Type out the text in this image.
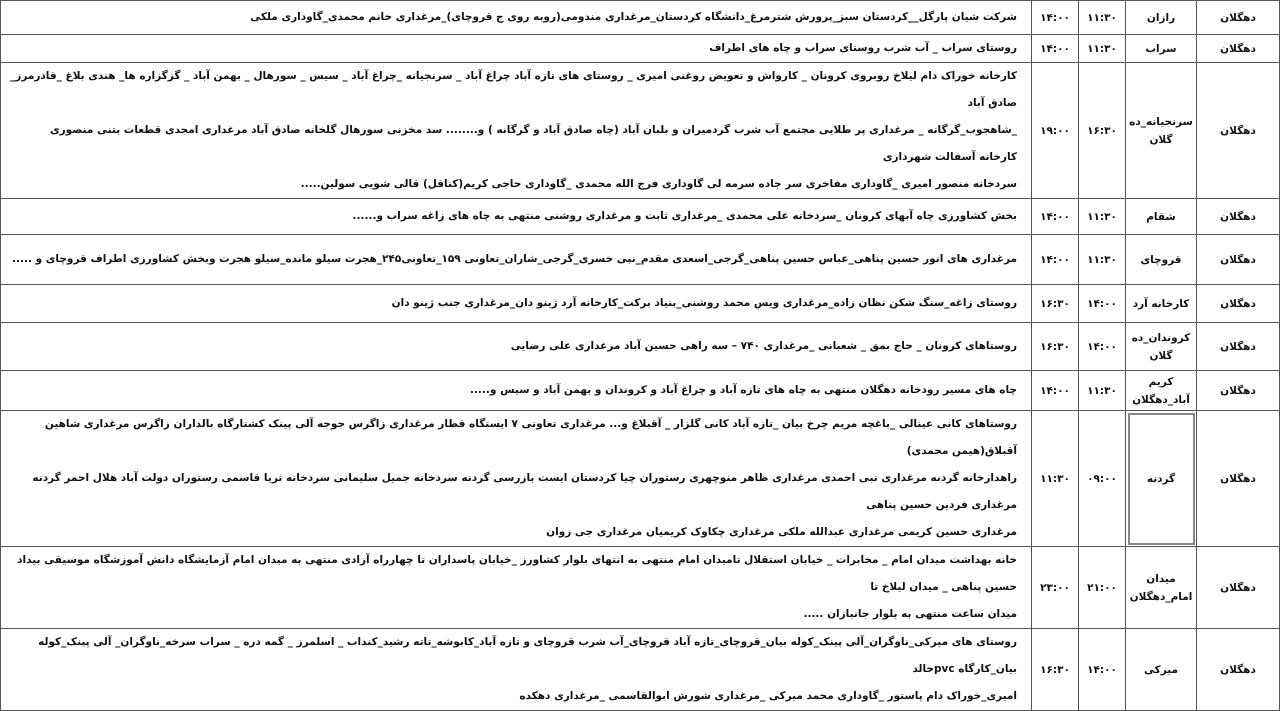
دهگلان	رازان	۱۱:۳۰	۱۴:۰۰	شرکت شیان پارگل__کردستان سبز_پرورش شترمرغ_دانشگاه کردستان_مرغداری مندومی(روبه روی ج قروچای)_مرغداری خانم محمدی_گاوداری ملکی

دهگلان	سراب	۱۱:۳۰	۱۴:۰۰	روستای سراب _ آب شرب روستای سراب و چاه های اطراف

دهگلان	سرنجیانه_ده گلان	۱۶:۳۰	۱۹:۰۰	کارخانه خوراک دام لیلاخ روبروی کرونان _ کارواش و تعویض روغنی امیری _ روستای های تازه آباد چراغ آباد _ سرنجیانه _چراغ آباد _ سیس _ سورهال _ بهمن آباد _ گزگزاره ها_ هندی بلاغ _قادرمرز_ صادق آباد
_شاهجوب_گرگانه _ مرغداری پر طلایی مجتمع آب شرب گردمیران و بلبان آباد (چاه صادق آباد و گرگانه ) و........ سد مخزنی سورهال گلخانه صادق آباد مرغداری امجدی قطعات بتنی منصوری کارخانه آسفالت شهرداری
سردخانه منصور امیری _گاوداری مفاخری سر جاده سرمه لی گاوداری فرج الله محمدی _گاوداری حاجی کریم(کناقل) قالی شویی سولین.....

دهگلان	شقام	۱۱:۳۰	۱۴:۰۰	بخش کشاورزی چاه آبهای کرونان _سردخانه علی محمدی _مرغداری ثابت و مرغداری روشنی منتهی به چاه های زاغه سراب و......

دهگلان	قروچای	۱۱:۳۰	۱۴:۰۰	مرغداری های انور حسین پناهی_عباس حسین پناهی_گرجی_اسعدی مقدم_نبی خسری_گرجی_شاران_تعاونی ۱۵۹_تعاونی۲۴۵_هجرت سیلو مانده_سیلو هجرت وبخش کشاورزی اطراف قروچای و .....

دهگلان	کارخانه آرد	۱۴:۰۰	۱۶:۳۰	روستای زاغه_سنگ شکن نظان زاده_مرغداری ویس محمد روشنی_بنیاد برکت_کارخانه آرد ژینو دان_مرغداری جنب ژینو دان

دهگلان	کروندان_ده گلان	۱۴:۰۰	۱۶:۳۰	روستاهای کرونان _ حاج بمق _ شعبانی _مرغداری ۷۴۰ – سه راهی حسین آباد مرغداری علی رضایی

دهگلان	کریم آباد_دهگلان	۱۱:۳۰	۱۴:۰۰	چاه های مسیر رودخانه دهگلان منتهی به چاه های تازه آباد و چراغ آباد و کروندان و بهمن آباد و سیس و.....

دهگلان	گردنه	۰۹:۰۰	۱۱:۳۰	روستاهای کانی عینالی _باغچه مریم چرخ بیان _تازه آباد کانی گلزار _ آقبلاغ و... مرغداری تعاونی ۷ ایستگاه قطار مرغداری زاگرس جوجه آلی پینک کشتارگاه بالداران زاگرس مرغداری شاهین آقبلاق(هیمن محمدی)
راهدارخانه گردنه مرغداری نبی احمدی مرغداری ظاهر منوچهری رستوران چیا کردستان ایست بازرسی گردنه سردخانه جمیل سلیمانی سردخانه ثریا قاسمی رستوران دولت آباد هلال احمر گردنه مرغداری فردین حسین پناهی
مرغداری حسین کریمی مرغداری عبدالله ملکی مرغداری چکاوک کریمیان مرغداری جی زوان

دهگلان	میدان امام_دهگلان	۲۱:۰۰	۲۳:۰۰	خانه بهداشت میدان امام _ مخابرات _ خیابان استقلال تامیدان امام منتهی به انتهای بلوار کشاورز _خیابان پاسداران تا چهارراه آزادی منتهی به میدان امام آزمایشگاه دانش آموزشگاه موسیقی بیداد حسین پناهی _ میدان لیلاخ تا
میدان ساعت منتهی به بلوار جانبازان .....

دهگلان	میرکی	۱۴:۰۰	۱۶:۳۰	روستای های میرکی_ناوگران_آلی پینک_کوله بیان_قروچای_تازه آباد قروچای_آب شرب قروچای و تازه آباد_کابوشه_تاته رشید_کنداب _ اسلمرز _ گمه دره _ سراب سرخه_ناوگران_ آلی پینک_کوله بیان_کارگاه pvcخالد
امیری_خوراک دام پاستور _گاوداری محمد میرکی _مرغداری شورش ابوالقاسمی _مرغداری دهکده
